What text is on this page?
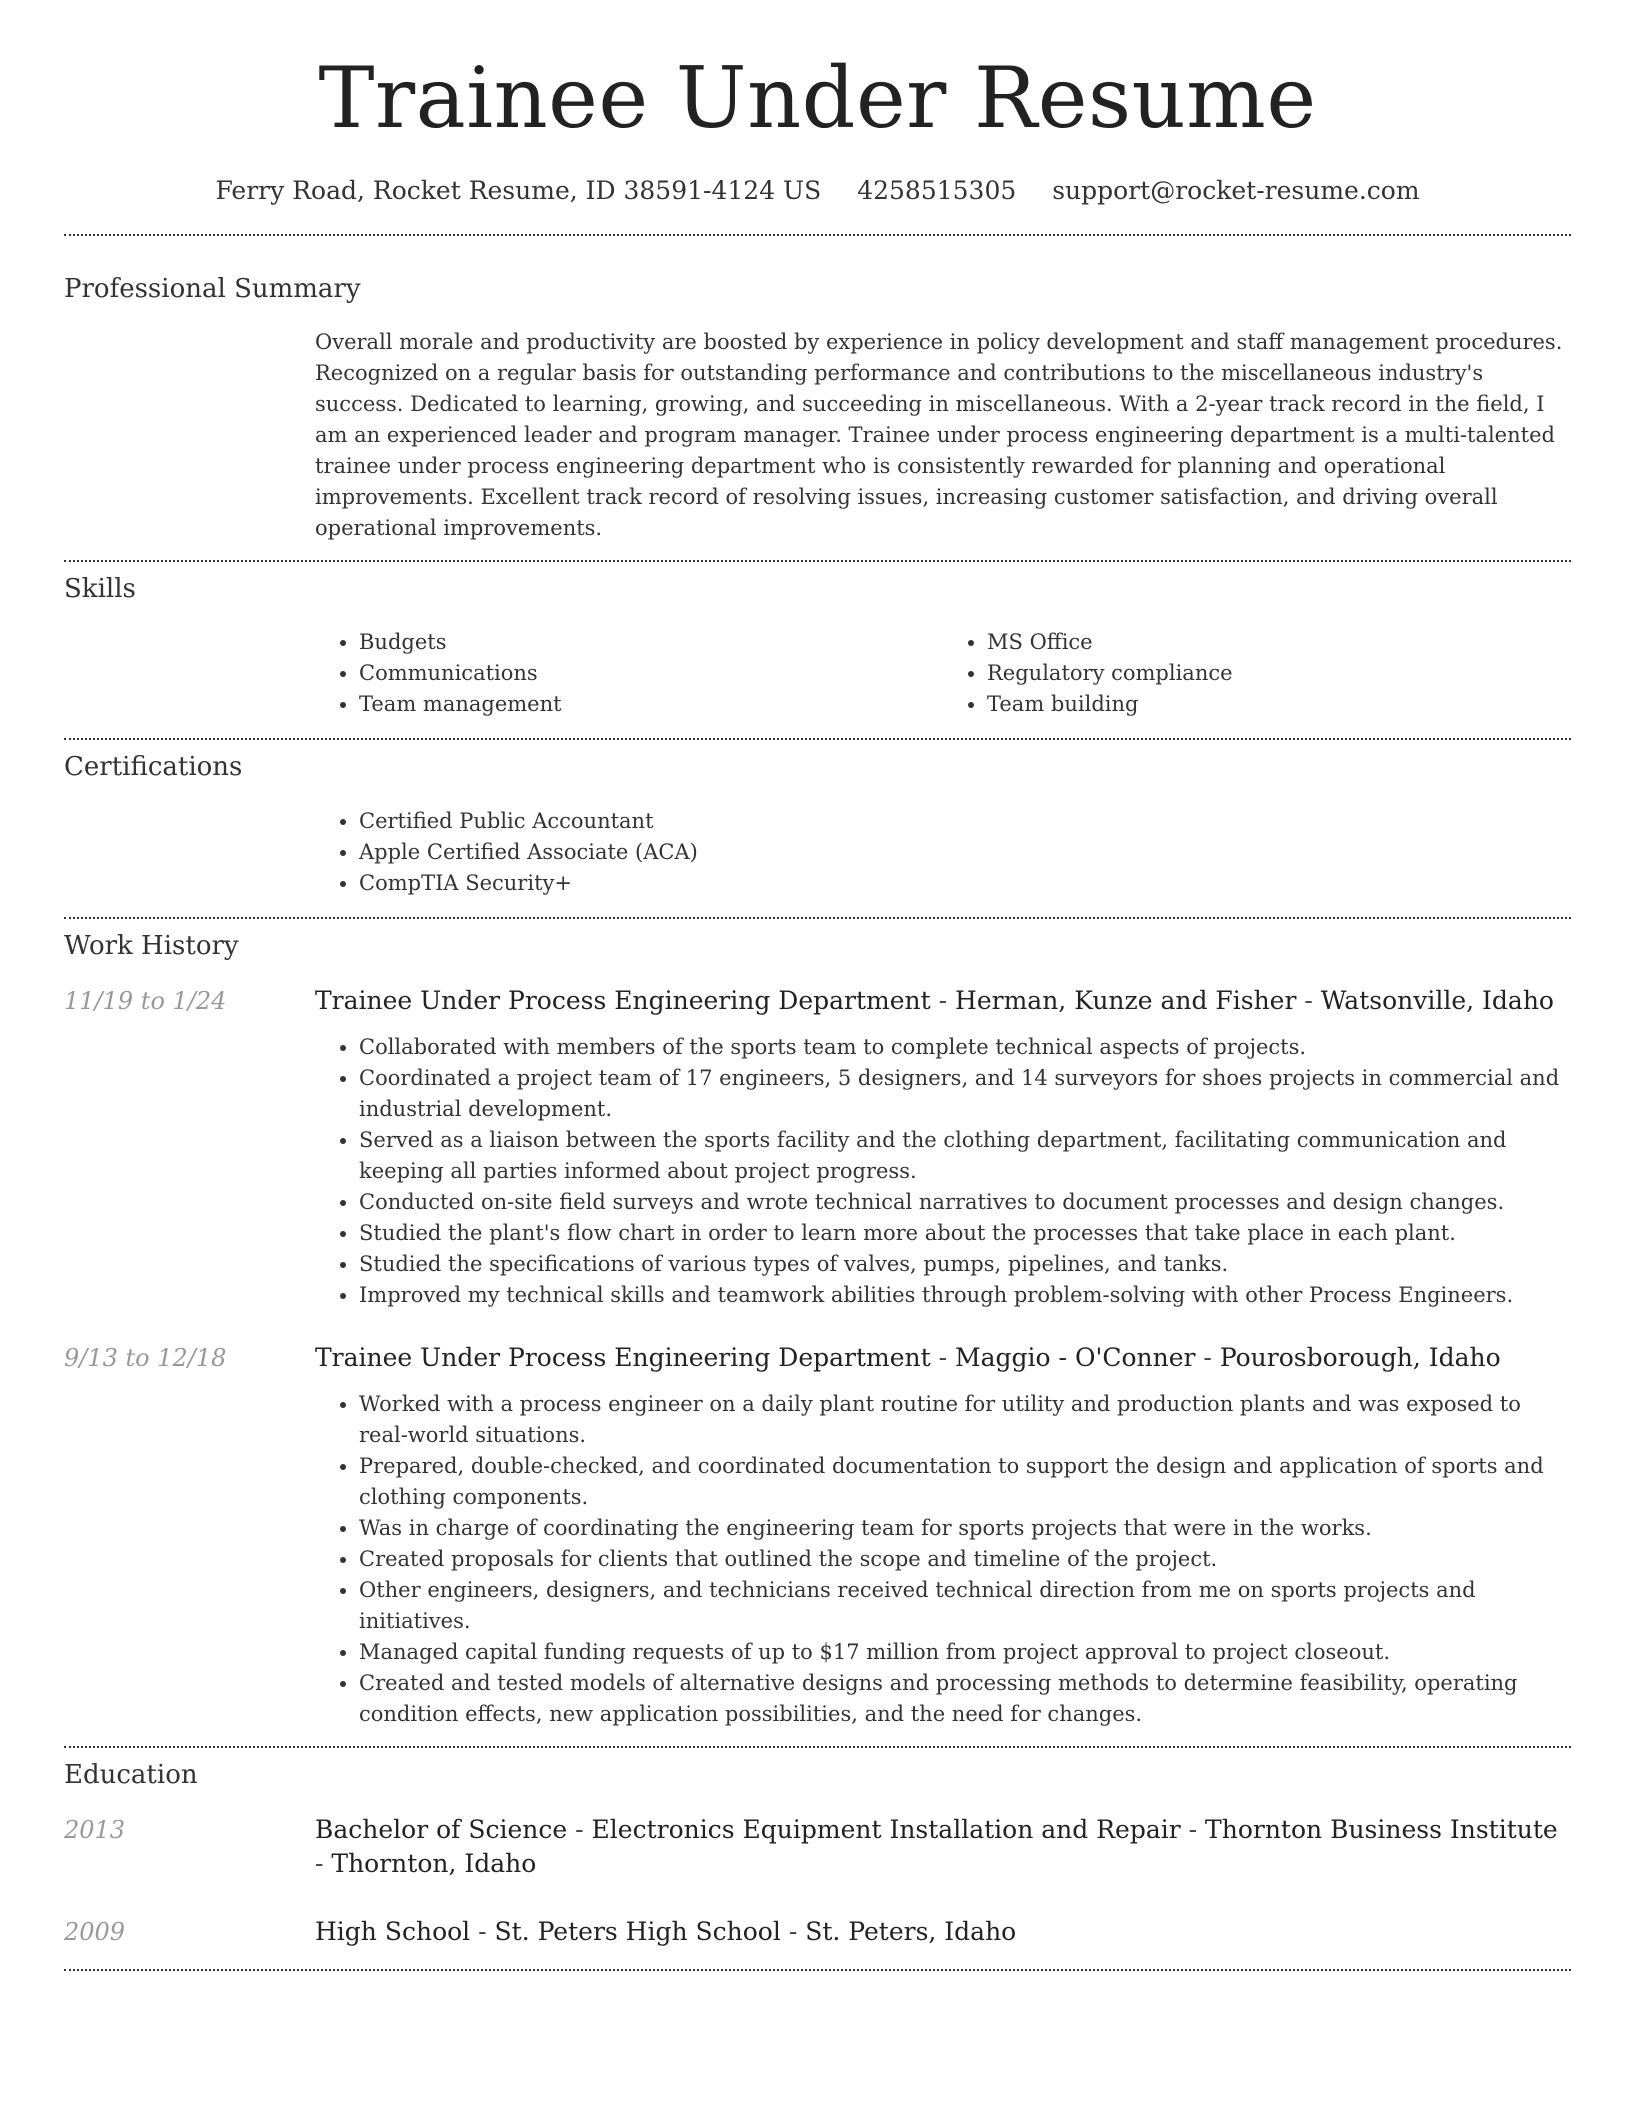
Trainee Under Resume
Ferry Road, Rocket Resume, ID 38591-4124 US 4258515305 support@rocket-resume.com
Professional Summary

Overall morale and productivity are boosted by experience in policy development and staff management procedures. Recognized on a regular basis for outstanding performance and contributions to the miscellaneous industry's success. Dedicated to learning, growing, and succeeding in miscellaneous. With a 2-year track record in the field, I am an experienced leader and program manager. Trainee under process engineering department is a multi-talented trainee under process engineering department who is consistently rewarded for planning and operational improvements. Excellent track record of resolving issues, increasing customer satisfaction, and driving overall operational improvements.

Skills
• Budgets
• Communications
• Team management
• MS Office
• Regulatory compliance
• Team building
Certifications
• Certified Public Accountant
• Apple Certified Associate (ACA)
• CompTIA Security+
Work History
11/19 to 1/24	Trainee Under Process Engineering Department - Herman, Kunze and Fisher - Watsonville, Idaho
• Collaborated with members of the sports team to complete technical aspects of projects.
• Coordinated a project team of 17 engineers, 5 designers, and 14 surveyors for shoes projects in commercial and industrial development.
• Served as a liaison between the sports facility and the clothing department, facilitating communication and keeping all parties informed about project progress.
• Conducted on-site field surveys and wrote technical narratives to document processes and design changes.
• Studied the plant's flow chart in order to learn more about the processes that take place in each plant.
• Studied the specifications of various types of valves, pumps, pipelines, and tanks.
• Improved my technical skills and teamwork abilities through problem-solving with other Process Engineers.
9/13 to 12/18	Trainee Under Process Engineering Department - Maggio - O'Conner - Pourosborough, Idaho
• Worked with a process engineer on a daily plant routine for utility and production plants and was exposed to real-world situations.
• Prepared, double-checked, and coordinated documentation to support the design and application of sports and clothing components.
• Was in charge of coordinating the engineering team for sports projects that were in the works.
• Created proposals for clients that outlined the scope and timeline of the project.
• Other engineers, designers, and technicians received technical direction from me on sports projects and initiatives.
• Managed capital funding requests of up to $17 million from project approval to project closeout.
• Created and tested models of alternative designs and processing methods to determine feasibility, operating condition effects, new application possibilities, and the need for changes.
Education
2013	Bachelor of Science - Electronics Equipment Installation and Repair - Thornton Business Institute - Thornton, Idaho
2009	High School - St. Peters High School - St. Peters, Idaho
